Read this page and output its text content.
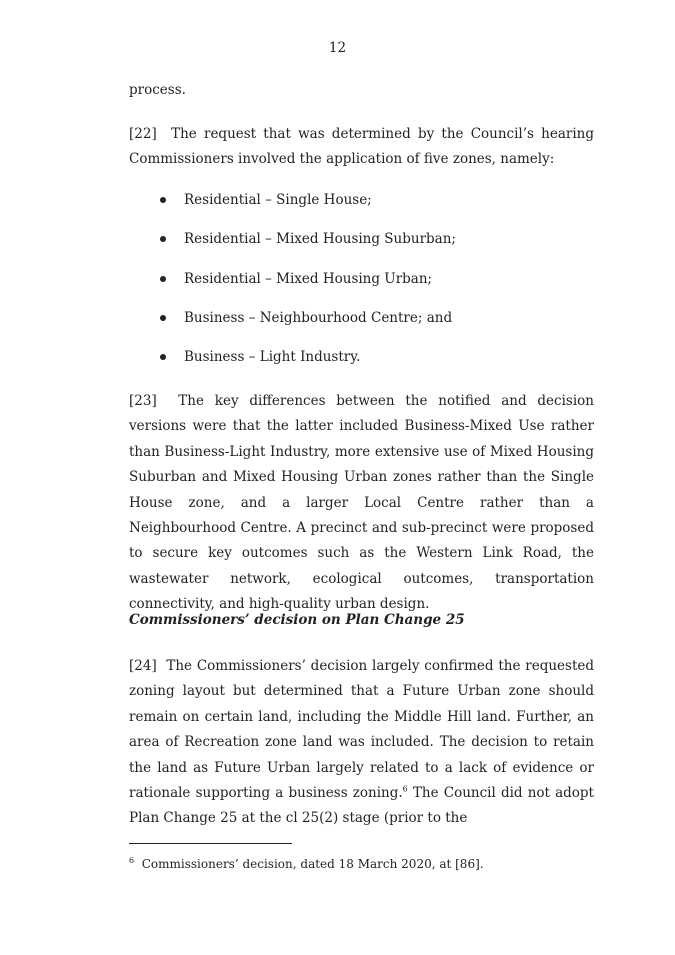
12

process.

[22] The request that was determined by the Council’s hearing
Commissioners involved the application of five zones, namely:

Residential – Single House;
Residential – Mixed Housing Suburban;
Residential – Mixed Housing Urban;
Business – Neighbourhood Centre; and
Business – Light Industry.

[23] The key differences between the notified and decision versions were that the latter included Business-Mixed Use rather than Business-Light Industry, more extensive use of Mixed Housing Suburban and Mixed Housing Urban zones rather than the Single House zone, and a larger Local Centre rather than a Neighbourhood Centre. A precinct and sub-precinct were proposed to secure key outcomes such as the Western Link Road, the wastewater network, ecological outcomes, transportation connectivity, and high-quality urban design.

Commissioners’ decision on Plan Change 25

[24] The Commissioners’ decision largely confirmed the requested zoning layout but determined that a Future Urban zone should remain on certain land, including the Middle Hill land. Further, an area of Recreation zone land was included. The decision to retain the land as Future Urban largely related to a lack of evidence or rationale supporting a business zoning.$^6$ The Council did not adopt Plan Change 25 at the cl 25(2) stage (prior to the

$^6$ Commissioners’ decision, dated 18 March 2020, at [86].
